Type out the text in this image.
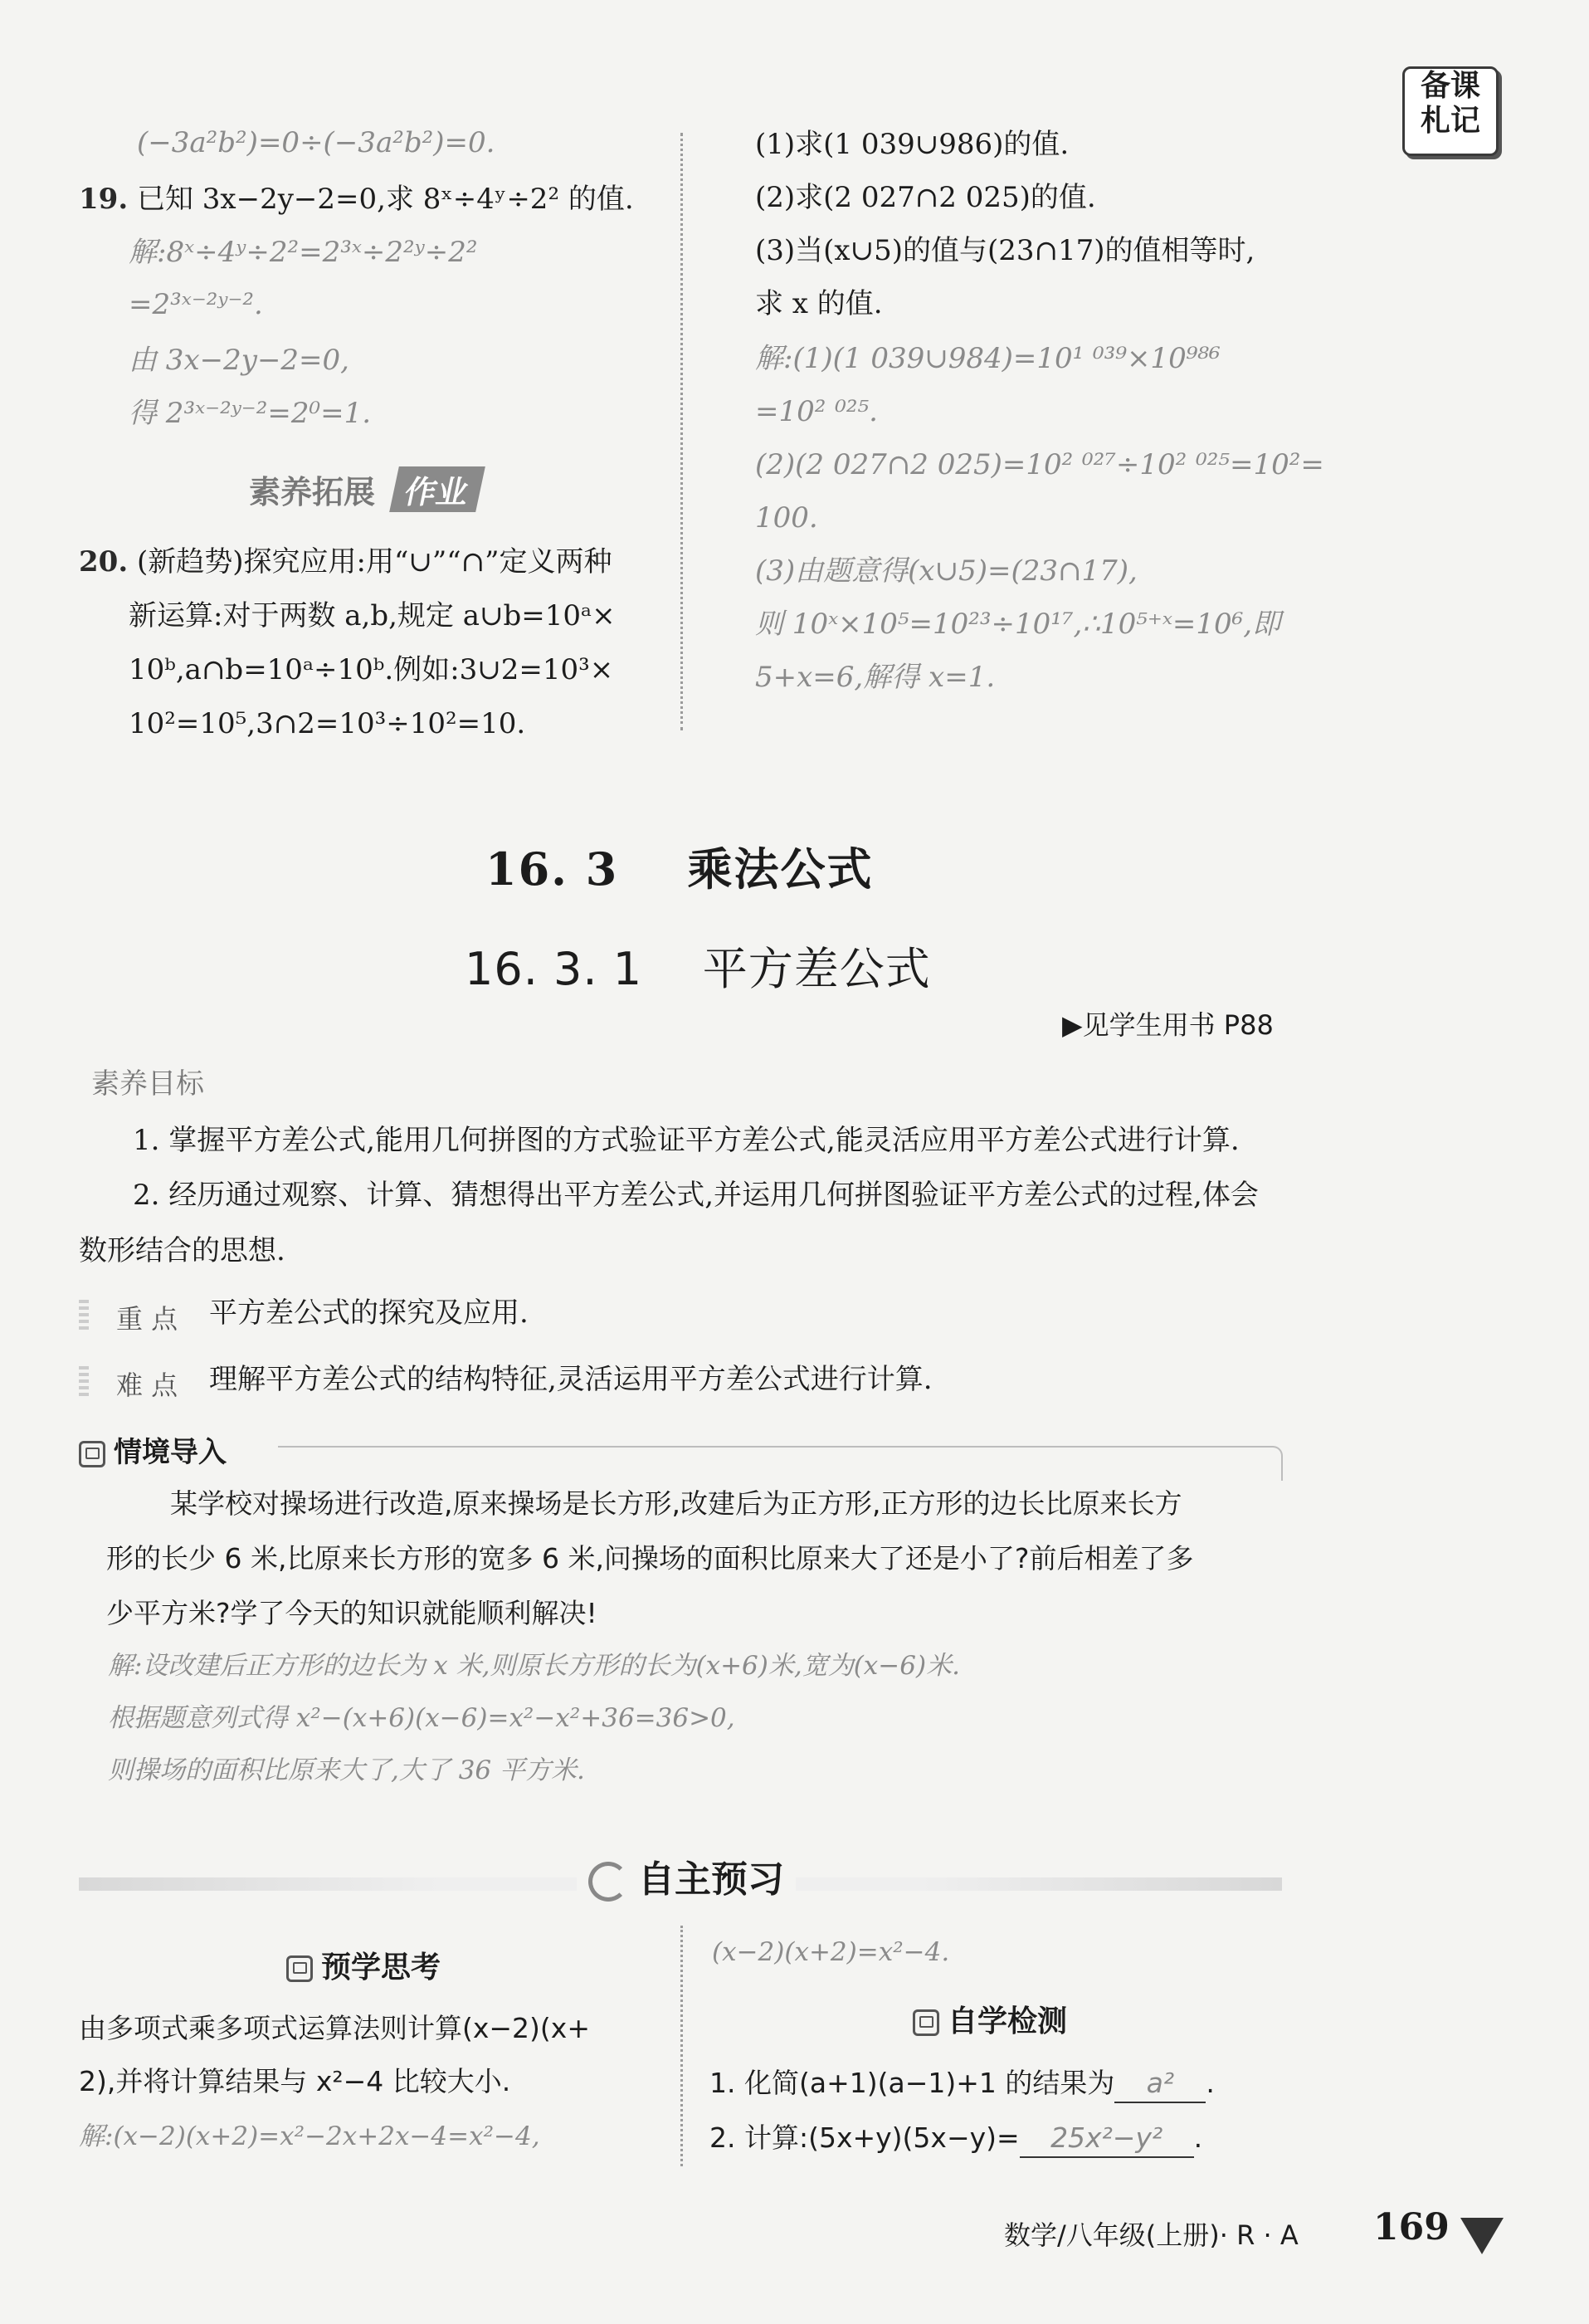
备课
札记
(−3a²b²)=0÷(−3a²b²)=0.
19. 已知 3x−2y−2=0,求 8ˣ÷4ʸ÷2² 的值.
解:8ˣ÷4ʸ÷2²=2³ˣ÷2²ʸ÷2²
=2³ˣ⁻²ʸ⁻².
由 3x−2y−2=0,
得 2³ˣ⁻²ʸ⁻²=2⁰=1.
素养拓展 作业
20. (新趋势)探究应用:用“∪”“∩”定义两种
新运算:对于两数 a,b,规定 a∪b=10ᵃ×
10ᵇ,a∩b=10ᵃ÷10ᵇ.例如:3∪2=10³×
10²=10⁵,3∩2=10³÷10²=10.
(1)求(1 039∪986)的值.
(2)求(2 027∩2 025)的值.
(3)当(x∪5)的值与(23∩17)的值相等时,
求 x 的值.
解:(1)(1 039∪984)=10¹ ⁰³⁹×10⁹⁸⁶
=10² ⁰²⁵.
(2)(2 027∩2 025)=10² ⁰²⁷÷10² ⁰²⁵=10²=
100.
(3)由题意得(x∪5)=(23∩17),
则 10ˣ×10⁵=10²³÷10¹⁷,∴10⁵⁺ˣ=10⁶,即
5+x=6,解得 x=1.
16. 3    乘法公式
16. 3. 1    平方差公式
▶见学生用书 P88
素养目标
1. 掌握平方差公式,能用几何拼图的方式验证平方差公式,能灵活应用平方差公式进行计算.
2. 经历通过观察、计算、猜想得出平方差公式,并运用几何拼图验证平方差公式的过程,体会
数形结合的思想.
重 点 平方差公式的探究及应用.
难 点 理解平方差公式的结构特征,灵活运用平方差公式进行计算.
情境导入
某学校对操场进行改造,原来操场是长方形,改建后为正方形,正方形的边长比原来长方
形的长少 6 米,比原来长方形的宽多 6 米,问操场的面积比原来大了还是小了?前后相差了多
少平方米?学了今天的知识就能顺利解决!
解:设改建后正方形的边长为 x 米,则原长方形的长为(x+6)米,宽为(x−6)米.
根据题意列式得 x²−(x+6)(x−6)=x²−x²+36=36>0,
则操场的面积比原来大了,大了 36 平方米.
自主预习
预学思考
由多项式乘多项式运算法则计算(x−2)(x+
2),并将计算结果与 x²−4 比较大小.
解:(x−2)(x+2)=x²−2x+2x−4=x²−4,
(x−2)(x+2)=x²−4.
自学检测
1. 化简(a+1)(a−1)+1 的结果为 a² .
2. 计算:(5x+y)(5x−y)= 25x²−y² .
数学/八年级(上册)· R · A 169
